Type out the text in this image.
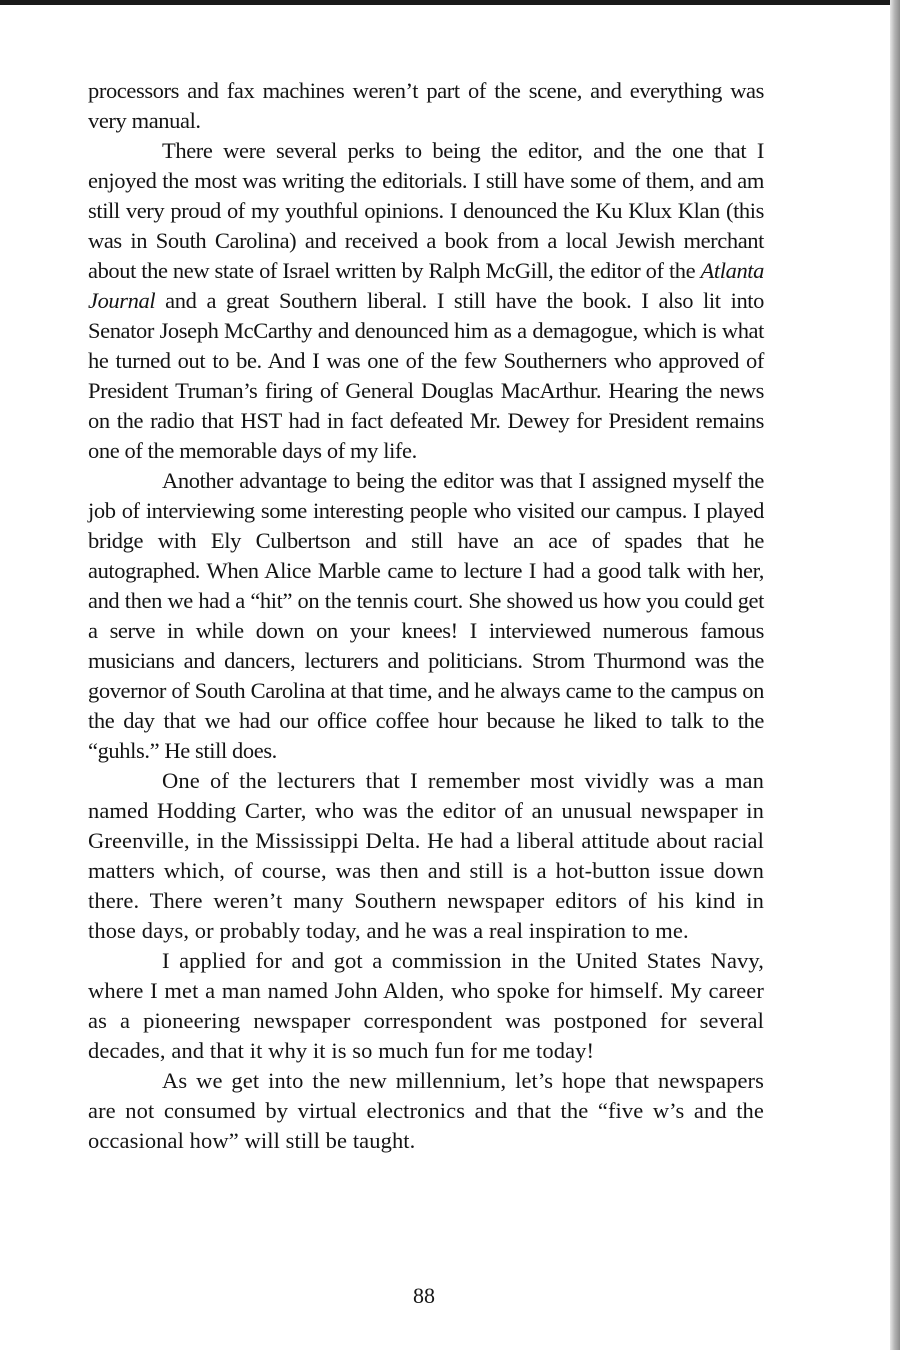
processors and fax machines weren’t part of the scene, and everything was very manual.

There were several perks to being the editor, and the one that I enjoyed the most was writing the editorials. I still have some of them, and am still very proud of my youthful opinions. I denounced the Ku Klux Klan (this was in South Carolina) and received a book from a local Jewish merchant about the new state of Israel written by Ralph McGill, the editor of the Atlanta Journal and a great Southern liberal. I still have the book. I also lit into Senator Joseph McCarthy and denounced him as a demagogue, which is what he turned out to be. And I was one of the few Southerners who approved of President Truman’s firing of General Douglas MacArthur. Hearing the news on the radio that HST had in fact defeated Mr. Dewey for President remains one of the memorable days of my life.

Another advantage to being the editor was that I assigned myself the job of interviewing some interesting people who visited our campus. I played bridge with Ely Culbertson and still have an ace of spades that he autographed. When Alice Marble came to lecture I had a good talk with her, and then we had a “hit” on the tennis court. She showed us how you could get a serve in while down on your knees! I interviewed numerous famous musicians and dancers, lecturers and politicians. Strom Thurmond was the governor of South Carolina at that time, and he always came to the campus on the day that we had our office coffee hour because he liked to talk to the “guhls.” He still does.

One of the lecturers that I remember most vividly was a man named Hodding Carter, who was the editor of an unusual newspaper in Greenville, in the Mississippi Delta. He had a liberal attitude about racial matters which, of course, was then and still is a hot-button issue down there. There weren’t many Southern newspaper editors of his kind in those days, or probably today, and he was a real inspiration to me.

I applied for and got a commission in the United States Navy, where I met a man named John Alden, who spoke for himself. My career as a pioneering newspaper correspondent was postponed for several decades, and that it why it is so much fun for me today!

As we get into the new millennium, let’s hope that newspapers are not consumed by virtual electronics and that the “five w’s and the occasional how” will still be taught.

88
